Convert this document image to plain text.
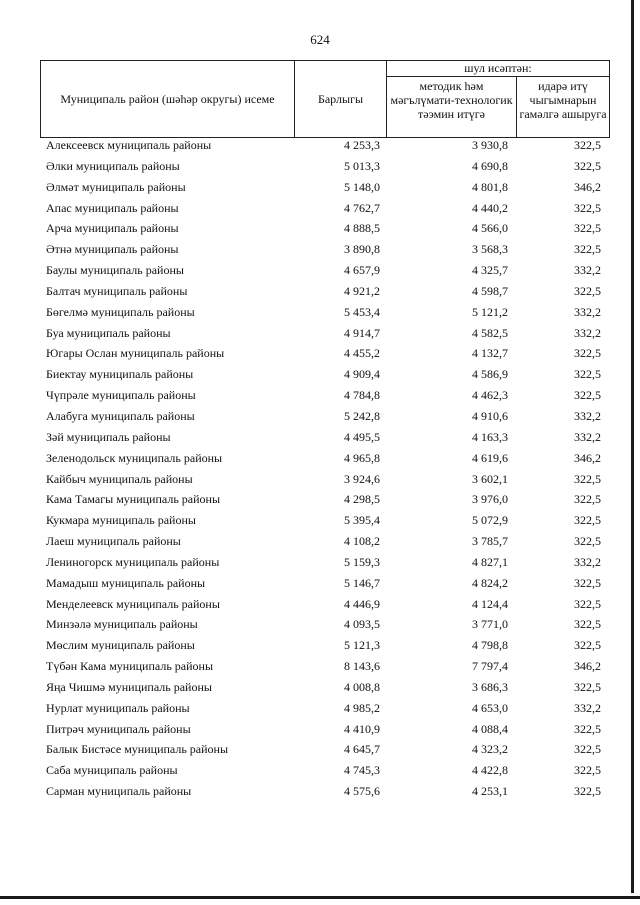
624
Муниципаль район (шәһәр округы) исеме	Барлыгы
шул исәптән:
методик һәм мәгълүмати-технологик тәэмин итүгә
идарә итү чыгымнарын гамәлгә ашыруга
Алексеевск муниципаль районы	4 253,3	3 930,8	322,5
Әлки муниципаль районы	5 013,3	4 690,8	322,5
Әлмәт муниципаль районы	5 148,0	4 801,8	346,2
Апас муниципаль районы	4 762,7	4 440,2	322,5
Арча муниципаль районы	4 888,5	4 566,0	322,5
Әтнә муниципаль районы	3 890,8	3 568,3	322,5
Баулы муниципаль районы	4 657,9	4 325,7	332,2
Балтач муниципаль районы	4 921,2	4 598,7	322,5
Бөгелмә муниципаль районы	5 453,4	5 121,2	332,2
Буа муниципаль районы	4 914,7	4 582,5	332,2
Югары Ослан муниципаль районы	4 455,2	4 132,7	322,5
Биектау муниципаль районы	4 909,4	4 586,9	322,5
Чүпрәле муниципаль районы	4 784,8	4 462,3	322,5
Алабуга муниципаль районы	5 242,8	4 910,6	332,2
Зәй муниципаль районы	4 495,5	4 163,3	332,2
Зеленодольск муниципаль районы	4 965,8	4 619,6	346,2
Кайбыч муниципаль районы	3 924,6	3 602,1	322,5
Кама Тамагы муниципаль районы	4 298,5	3 976,0	322,5
Кукмара муниципаль районы	5 395,4	5 072,9	322,5
Лаеш муниципаль районы	4 108,2	3 785,7	322,5
Лениногорск муниципаль районы	5 159,3	4 827,1	332,2
Мамадыш муниципаль районы	5 146,7	4 824,2	322,5
Менделеевск муниципаль районы	4 446,9	4 124,4	322,5
Минзәлә муниципаль районы	4 093,5	3 771,0	322,5
Мөслим муниципаль районы	5 121,3	4 798,8	322,5
Түбән Кама муниципаль районы	8 143,6	7 797,4	346,2
Яңа Чишмә муниципаль районы	4 008,8	3 686,3	322,5
Нурлат муниципаль районы	4 985,2	4 653,0	332,2
Питрәч муниципаль районы	4 410,9	4 088,4	322,5
Балык Бистәсе муниципаль районы	4 645,7	4 323,2	322,5
Саба муниципаль районы	4 745,3	4 422,8	322,5
Сарман муниципаль районы	4 575,6	4 253,1	322,5
